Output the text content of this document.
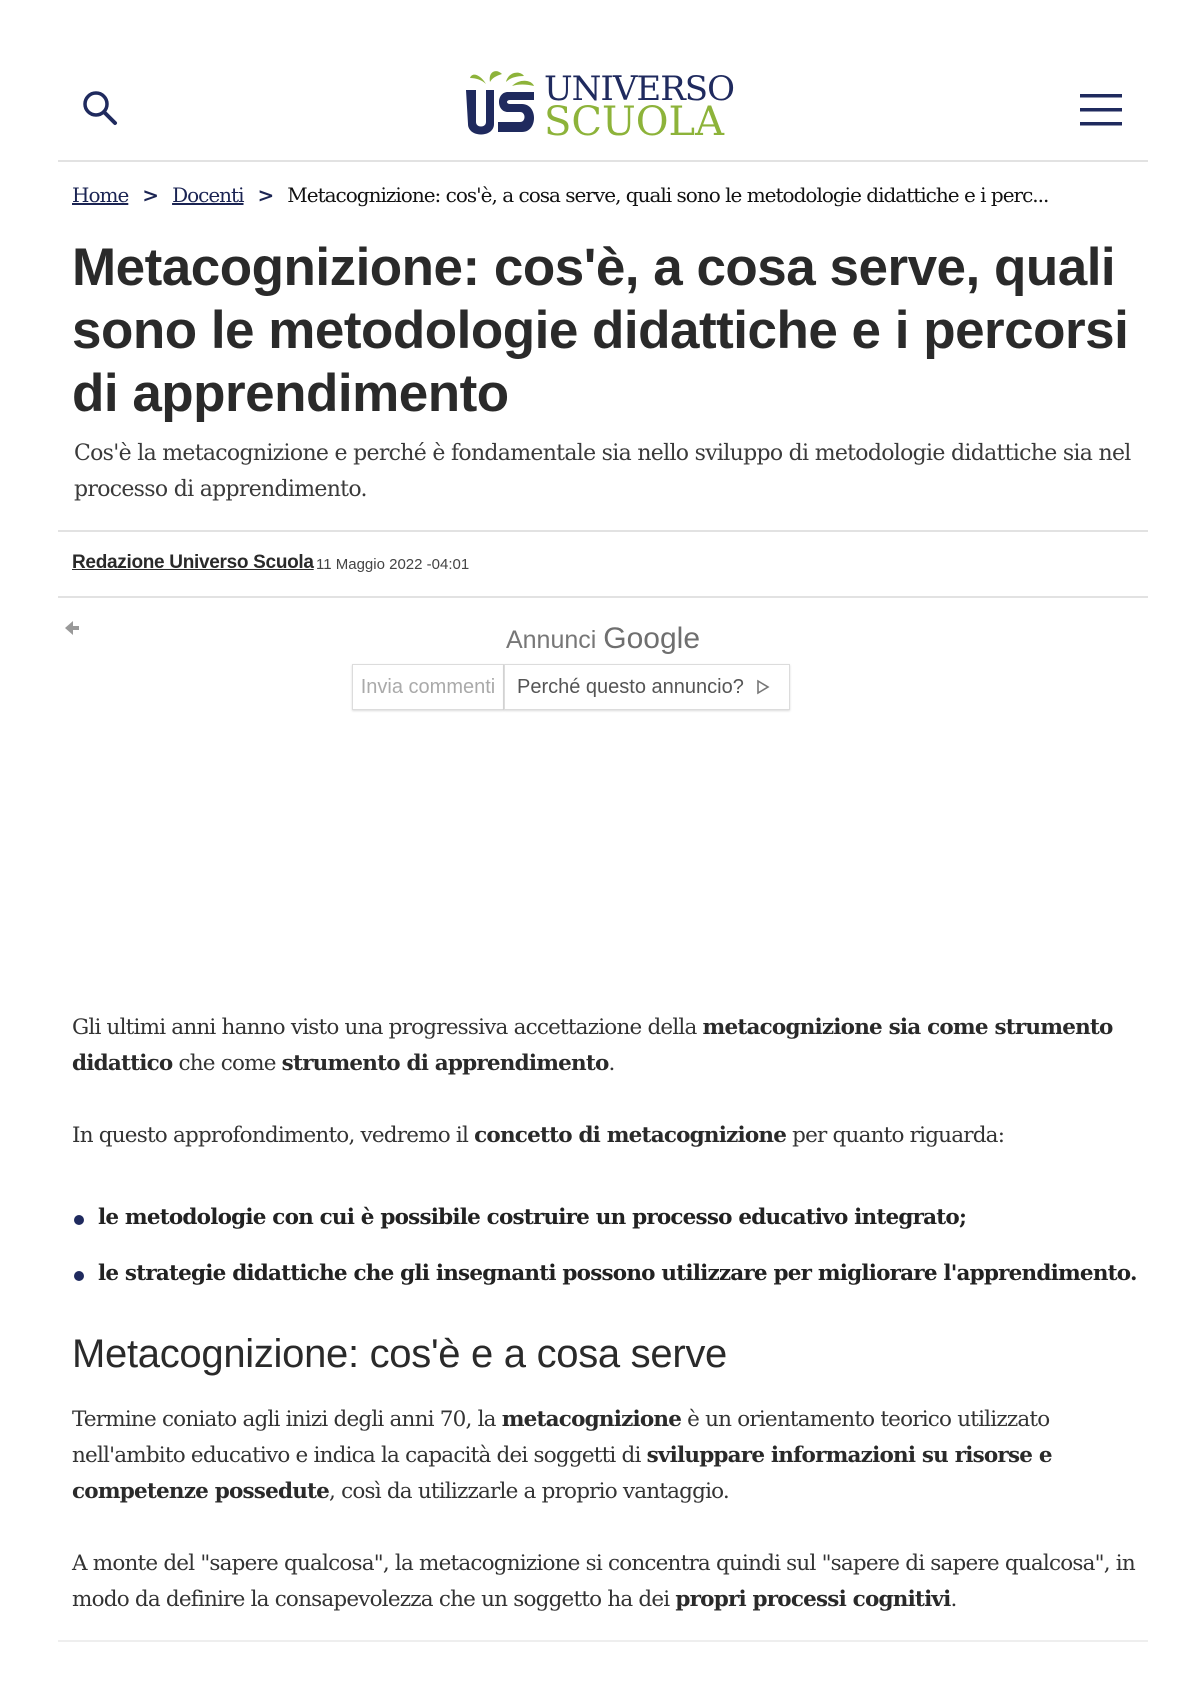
UNIVERSO
SCUOLA
Home > Docenti > Metacognizione: cos'è, a cosa serve, quali sono le metodologie didattiche e i perc...
Metacognizione: cos'è, a cosa serve, quali sono le metodologie didattiche e i percorsi di apprendimento

Cos'è la metacognizione e perché è fondamentale sia nello sviluppo di metodologie didattiche sia nel processo di apprendimento.

Redazione Universo Scuola 11 Maggio 2022 -04:01
Annunci Google
Invia commenti	Perché questo annuncio?

Gli ultimi anni hanno visto una progressiva accettazione della metacognizione sia come strumento didattico che come strumento di apprendimento.

In questo approfondimento, vedremo il concetto di metacognizione per quanto riguarda:

le metodologie con cui è possibile costruire un processo educativo integrato;
le strategie didattiche che gli insegnanti possono utilizzare per migliorare l'apprendimento.
Metacognizione: cos'è e a cosa serve

Termine coniato agli inizi degli anni 70, la metacognizione è un orientamento teorico utilizzato nell'ambito educativo e indica la capacità dei soggetti di sviluppare informazioni su risorse e competenze possedute, così da utilizzarle a proprio vantaggio.

A monte del "sapere qualcosa", la metacognizione si concentra quindi sul "sapere di sapere qualcosa", in modo da definire la consapevolezza che un soggetto ha dei propri processi cognitivi.
